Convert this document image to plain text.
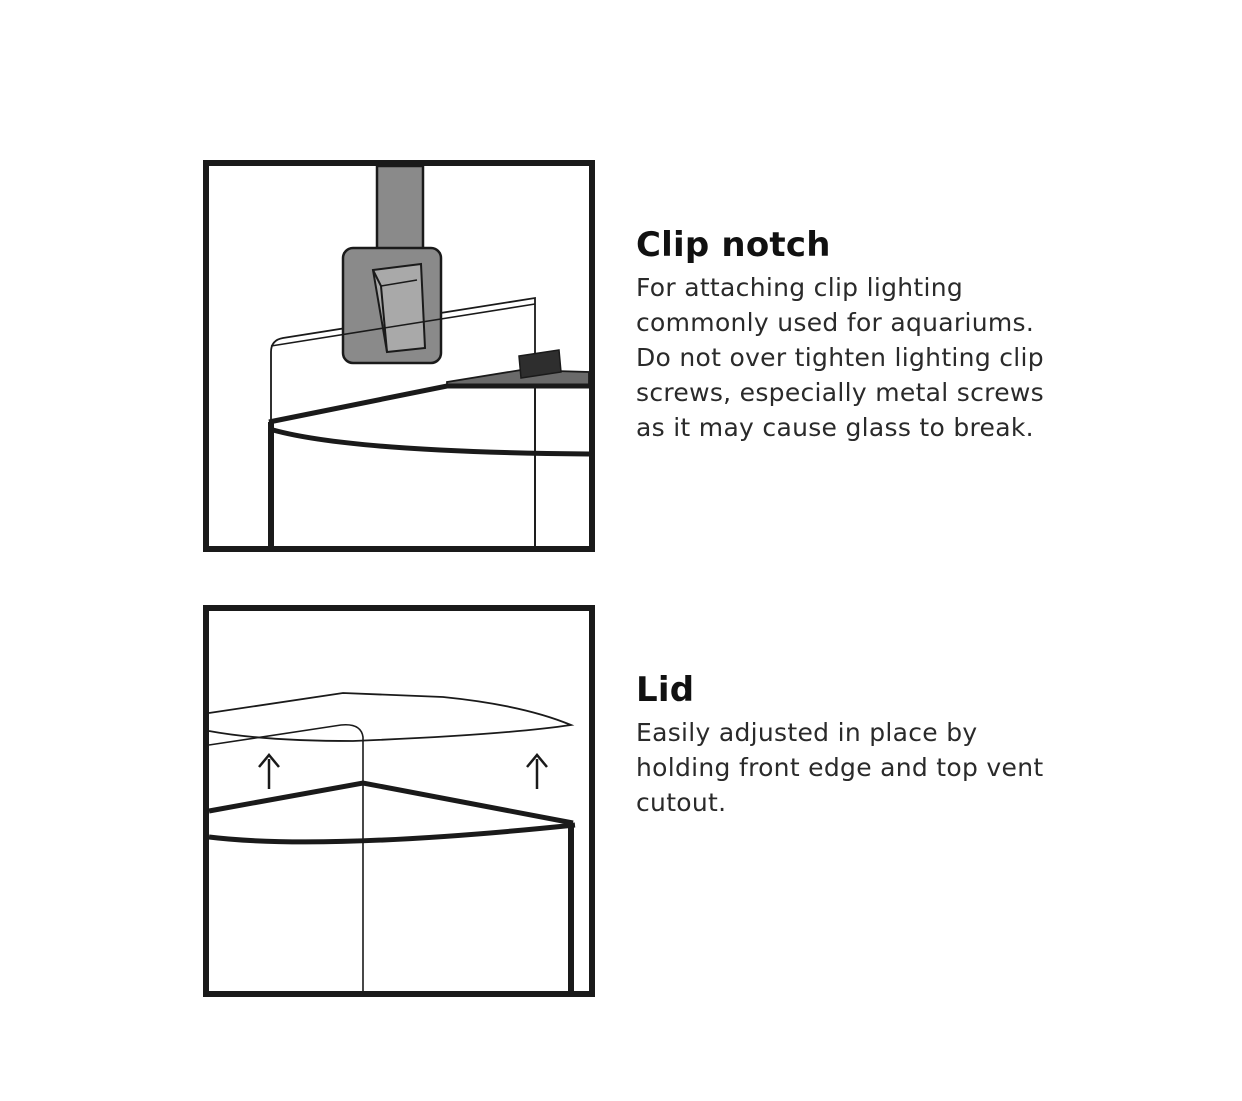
Clip notch

For attaching clip lighting commonly used for aquariums. Do not over tighten lighting clip screws, especially metal screws as it may cause glass to break.

Lid

Easily adjusted in place by holding front edge and top vent cutout.
